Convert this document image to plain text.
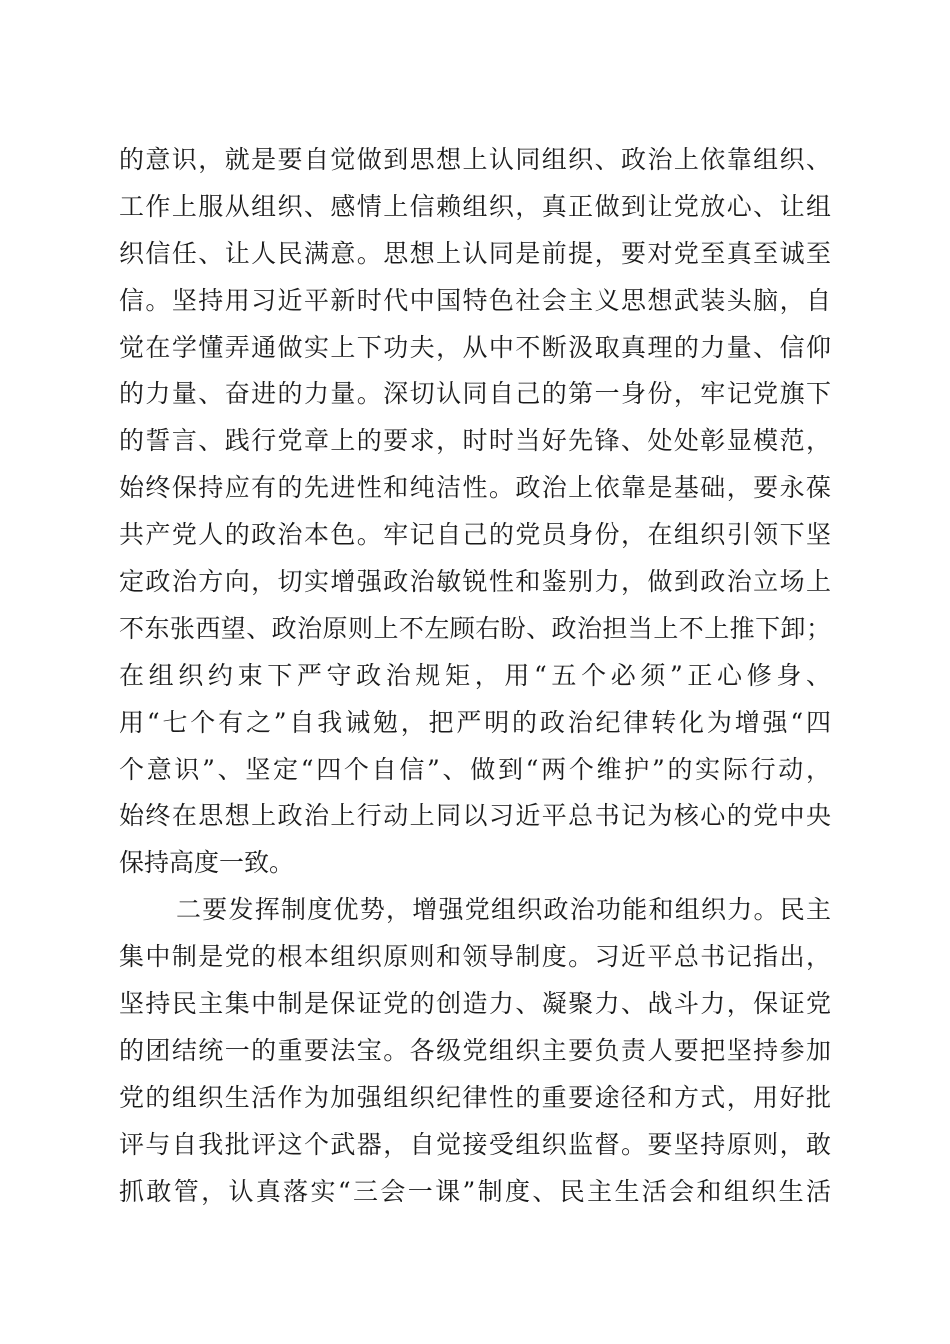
的意识，就是要自觉做到思想上认同组织、政治上依靠组织、
工作上服从组织、感情上信赖组织，真正做到让党放心、让组
织信任、让人民满意。思想上认同是前提，要对党至真至诚至
信。坚持用习近平新时代中国特色社会主义思想武装头脑，自
觉在学懂弄通做实上下功夫，从中不断汲取真理的力量、信仰
的力量、奋进的力量。深切认同自己的第一身份，牢记党旗下
的誓言、践行党章上的要求，时时当好先锋、处处彰显模范，
始终保持应有的先进性和纯洁性。政治上依靠是基础，要永葆
共产党人的政治本色。牢记自己的党员身份，在组织引领下坚
定政治方向，切实增强政治敏锐性和鉴别力，做到政治立场上
不东张西望、政治原则上不左顾右盼、政治担当上不上推下卸；
在组织约束下严守政治规矩，用“五个必须”正心修身、
用“七个有之”自我诫勉，把严明的政治纪律转化为增强“四
个意识”、坚定“四个自信”、做到“两个维护”的实际行动，
始终在思想上政治上行动上同以习近平总书记为核心的党中央
保持高度一致。
二要发挥制度优势，增强党组织政治功能和组织力。民主
集中制是党的根本组织原则和领导制度。习近平总书记指出，
坚持民主集中制是保证党的创造力、凝聚力、战斗力，保证党
的团结统一的重要法宝。各级党组织主要负责人要把坚持参加
党的组织生活作为加强组织纪律性的重要途径和方式，用好批
评与自我批评这个武器，自觉接受组织监督。要坚持原则，敢
抓敢管，认真落实“三会一课”制度、民主生活会和组织生活
